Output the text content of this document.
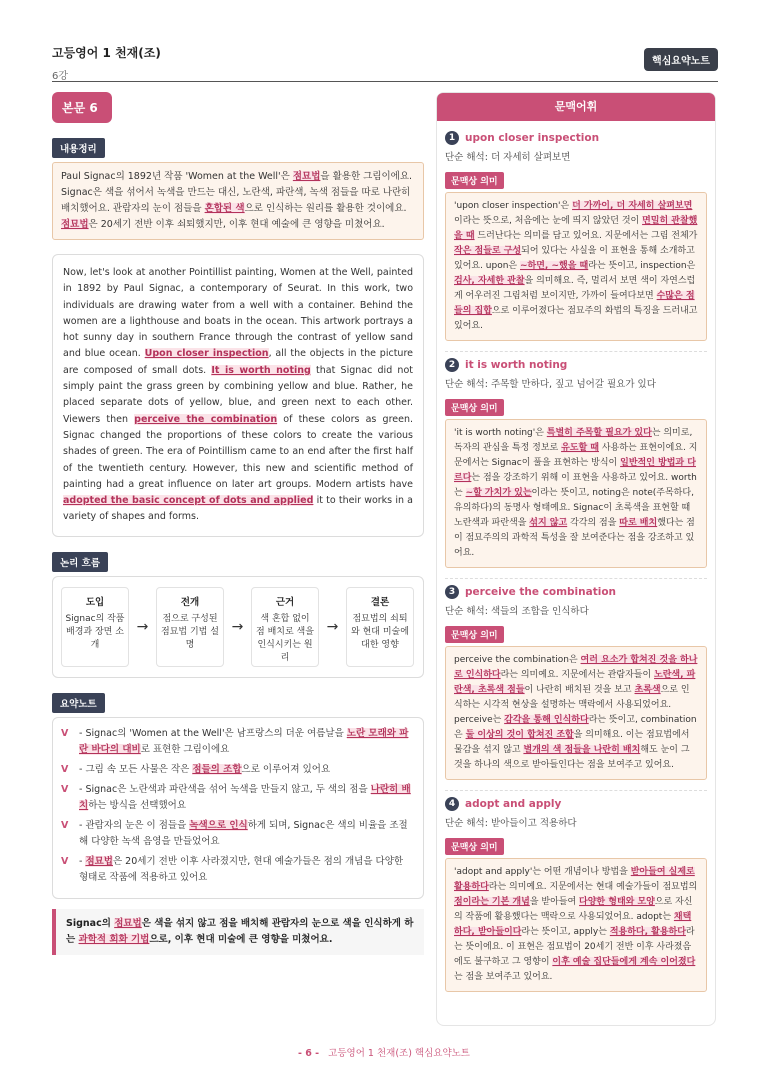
고등영어 1 천재(조)
6강
핵심요약노트
본문 6
내용정리
Paul Signac의 1892년 작품 'Women at the Well'은 점묘법을 활용한 그림이에요. Signac은 색을 섞어서 녹색을 만드는 대신, 노란색, 파란색, 녹색 점들을 따로 나란히 배치했어요. 관람자의 눈이 점들을 혼합된 색으로 인식하는 원리를 활용한 것이에요. 점묘법은 20세기 전반 이후 쇠퇴했지만, 이후 현대 예술에 큰 영향을 미쳤어요.
Now, let's look at another Pointillist painting, Women at the Well, painted in 1892 by Paul Signac, a contemporary of Seurat. In this work, two individuals are drawing water from a well with a container. Behind the women are a lighthouse and boats in the ocean. This artwork portrays a hot sunny day in southern France through the contrast of yellow sand and blue ocean. Upon closer inspection, all the objects in the picture are composed of small dots. It is worth noting that Signac did not simply paint the grass green by combining yellow and blue. Rather, he placed separate dots of yellow, blue, and green next to each other. Viewers then perceive the combination of these colors as green. Signac changed the proportions of these colors to create the various shades of green. The era of Pointillism came to an end after the first half of the twentieth century. However, this new and scientific method of painting had a great influence on later art groups. Modern artists have adopted the basic concept of dots and applied it to their works in a variety of shapes and forms.
논리 흐름
도입
Signac의 작품 배경과 장면 소개
→
전개
점으로 구성된 점묘법 기법 설명
→
근거
색 혼합 없이 점 배치로 색을 인식시키는 원리
→
결론
점묘법의 쇠퇴와 현대 미술에 대한 영향
요약노트
V	- Signac의 'Women at the Well'은 남프랑스의 더운 여름날을 노란 모래와 파란 바다의 대비로 표현한 그림이에요
V	- 그림 속 모든 사물은 작은 점들의 조합으로 이루어져 있어요
V	- Signac은 노란색과 파란색을 섞어 녹색을 만들지 않고, 두 색의 점을 나란히 배치하는 방식을 선택했어요
V	- 관람자의 눈은 이 점들을 녹색으로 인식하게 되며, Signac은 색의 비율을 조절해 다양한 녹색 음영을 만들었어요
V	- 점묘법은 20세기 전반 이후 사라졌지만, 현대 예술가들은 점의 개념을 다양한 형태로 작품에 적용하고 있어요
Signac의 점묘법은 색을 섞지 않고 점을 배치해 관람자의 눈으로 색을 인식하게 하는 과학적 회화 기법으로, 이후 현대 미술에 큰 영향을 미쳤어요.
문맥어휘
1 upon closer inspection
단순 해석: 더 자세히 살펴보면
문맥상 의미
'upon closer inspection'은 더 가까이, 더 자세히 살펴보면이라는 뜻으로, 처음에는 눈에 띄지 않았던 것이 면밀히 관찰했을 때 드러난다는 의미를 담고 있어요. 지문에서는 그림 전체가 작은 점들로 구성되어 있다는 사실을 이 표현을 통해 소개하고 있어요. upon은 ~하면, ~했을 때라는 뜻이고, inspection은 검사, 자세한 관찰을 의미해요. 즉, 멀리서 보면 색이 자연스럽게 어우러진 그림처럼 보이지만, 가까이 들여다보면 수많은 점들의 집합으로 이루어졌다는 점묘주의 화법의 특징을 드러내고 있어요.
2 it is worth noting
단순 해석: 주목할 만하다, 짚고 넘어갈 필요가 있다
문맥상 의미
'it is worth noting'은 특별히 주목할 필요가 있다는 의미로, 독자의 관심을 특정 정보로 유도할 때 사용하는 표현이에요. 지문에서는 Signac이 풀을 표현하는 방식이 일반적인 방법과 다르다는 점을 강조하기 위해 이 표현을 사용하고 있어요. worth는 ~할 가치가 있는이라는 뜻이고, noting은 note(주목하다, 유의하다)의 동명사 형태예요. Signac이 초록색을 표현할 때 노란색과 파란색을 섞지 않고 각각의 점을 따로 배치했다는 점이 점묘주의의 과학적 특성을 잘 보여준다는 점을 강조하고 있어요.
3 perceive the combination
단순 해석: 색들의 조합을 인식하다
문맥상 의미
perceive the combination은 여러 요소가 합쳐진 것을 하나로 인식하다라는 의미예요. 지문에서는 관람자들이 노란색, 파란색, 초록색 점들이 나란히 배치된 것을 보고 초록색으로 인식하는 시각적 현상을 설명하는 맥락에서 사용되었어요. perceive는 감각을 통해 인식하다라는 뜻이고, combination은 둘 이상의 것이 합쳐진 조합을 의미해요. 이는 점묘법에서 물감을 섞지 않고 별개의 색 점들을 나란히 배치해도 눈이 그것을 하나의 색으로 받아들인다는 점을 보여주고 있어요.
4 adopt and apply
단순 해석: 받아들이고 적용하다
문맥상 의미
'adopt and apply'는 어떤 개념이나 방법을 받아들여 실제로 활용하다라는 의미예요. 지문에서는 현대 예술가들이 점묘법의 점이라는 기본 개념을 받아들여 다양한 형태와 모양으로 자신의 작품에 활용했다는 맥락으로 사용되었어요. adopt는 채택하다, 받아들이다라는 뜻이고, apply는 적용하다, 활용하다라는 뜻이에요. 이 표현은 점묘법이 20세기 전반 이후 사라졌음에도 불구하고 그 영향이 이후 예술 집단들에게 계속 이어졌다는 점을 보여주고 있어요.
- 6 - 고등영어 1 천재(조) 핵심요약노트
